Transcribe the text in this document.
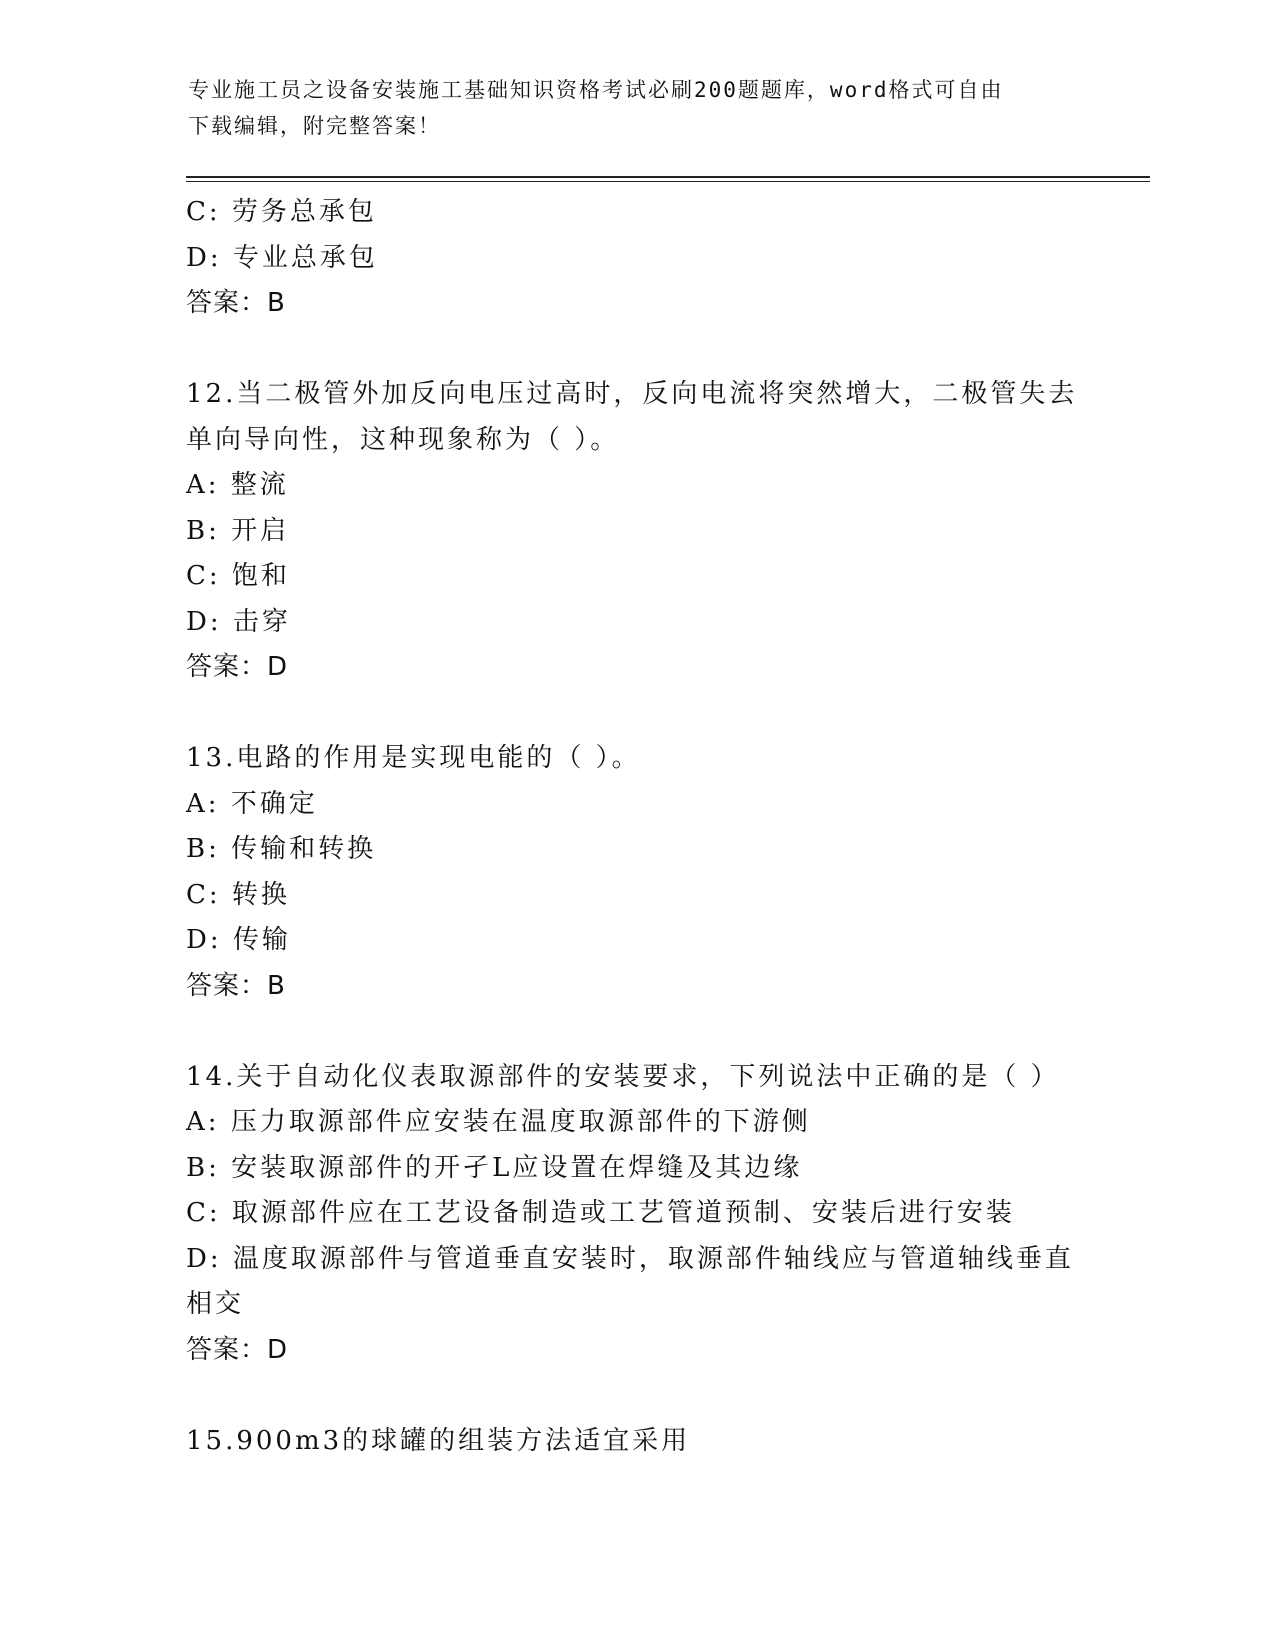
专业施工员之设备安装施工基础知识资格考试必刷200题题库，word格式可自由
下载编辑，附完整答案！
C: 劳务总承包
D: 专业总承包
答案：B
12.当二极管外加反向电压过高时，反向电流将突然增大，二极管失去
单向导向性，这种现象称为（ ）。
A: 整流
B: 开启
C: 饱和
D: 击穿
答案：D
13.电路的作用是实现电能的（ ）。
A: 不确定
B: 传输和转换
C: 转换
D: 传输
答案：B
14.关于自动化仪表取源部件的安装要求，下列说法中正确的是（ ）
A: 压力取源部件应安装在温度取源部件的下游侧
B: 安装取源部件的开孑L应设置在焊缝及其边缘
C: 取源部件应在工艺设备制造或工艺管道预制、安装后进行安装
D: 温度取源部件与管道垂直安装时，取源部件轴线应与管道轴线垂直
相交
答案：D
15.900m3的球罐的组装方法适宜采用
